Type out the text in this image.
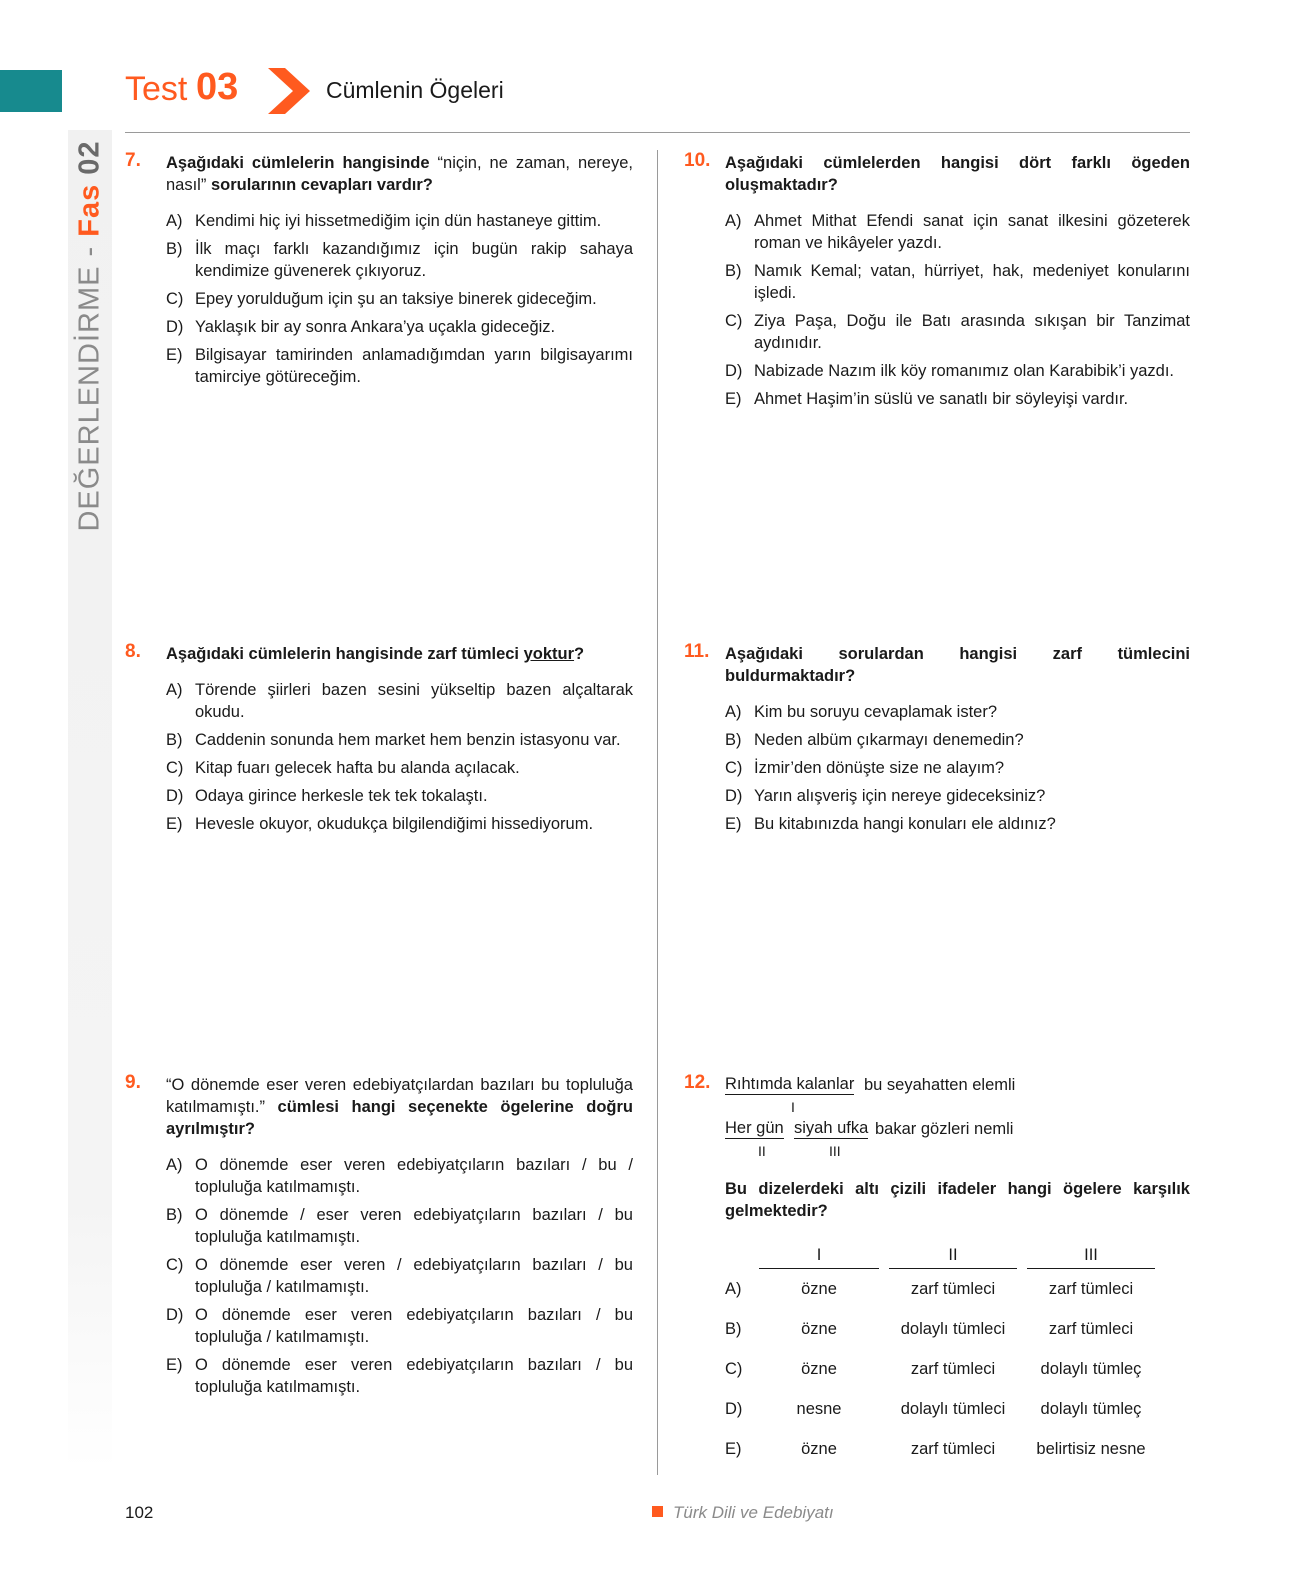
DEĞERLENDİRME - Fas 02
Test 03	Cümlenin Ögeleri
7. Aşağıdaki cümlelerin hangisinde “niçin, ne zaman, nereye, nasıl” sorularının cevapları vardır?
A) Kendimi hiç iyi hissetmediğim için dün hastaneye gittim.
B) İlk maçı farklı kazandığımız için bugün rakip sahaya kendimize güvenerek çıkıyoruz.
C) Epey yorulduğum için şu an taksiye binerek gideceğim.
D) Yaklaşık bir ay sonra Ankara’ya uçakla gideceğiz.
E) Bilgisayar tamirinden anlamadığımdan yarın bilgisayarımı tamirciye götüreceğim.
8. Aşağıdaki cümlelerin hangisinde zarf tümleci yoktur?
A) Törende şiirleri bazen sesini yükseltip bazen alçaltarak okudu.
B) Caddenin sonunda hem market hem benzin istasyonu var.
C) Kitap fuarı gelecek hafta bu alanda açılacak.
D) Odaya girince herkesle tek tek tokalaştı.
E) Hevesle okuyor, okudukça bilgilendiğimi hissediyorum.
9. “O dönemde eser veren edebiyatçılardan bazıları bu topluluğa katılmamıştı.” cümlesi hangi seçenekte ögelerine doğru ayrılmıştır?
A) O dönemde eser veren edebiyatçıların bazıları / bu / topluluğa katılmamıştı.
B) O dönemde / eser veren edebiyatçıların bazıları / bu topluluğa katılmamıştı.
C) O dönemde eser veren / edebiyatçıların bazıları / bu topluluğa / katılmamıştı.
D) O dönemde eser veren edebiyatçıların bazıları / bu topluluğa / katılmamıştı.
E) O dönemde eser veren edebiyatçıların bazıları / bu topluluğa katılmamıştı.
10. Aşağıdaki cümlelerden hangisi dört farklı ögeden oluşmaktadır?
A) Ahmet Mithat Efendi sanat için sanat ilkesini gözeterek roman ve hikâyeler yazdı.
B) Namık Kemal; vatan, hürriyet, hak, medeniyet konularını işledi.
C) Ziya Paşa, Doğu ile Batı arasında sıkışan bir Tanzimat aydınıdır.
D) Nabizade Nazım ilk köy romanımız olan Karabibik’i yazdı.
E) Ahmet Haşim’in süslü ve sanatlı bir söyleyişi vardır.
11. Aşağıdaki sorulardan hangisi zarf tümlecini buldurmaktadır?
A) Kim bu soruyu cevaplamak ister?
B) Neden albüm çıkarmayı denemedin?
C) İzmir’den dönüşte size ne alayım?
D) Yarın alışveriş için nereye gideceksiniz?
E) Bu kitabınızda hangi konuları ele aldınız?
12. Rıhtımda kalanlar bu seyahatten elemli
I
Her gün siyah ufka bakar gözleri nemli
II	III
Bu dizelerdeki altı çizili ifadeler hangi ögelere karşılık gelmektedir?
	I		II		III
A)	özne		zarf tümleci		zarf tümleci
B)	özne		dolaylı tümleci		zarf tümleci
C)	özne		zarf tümleci		dolaylı tümleç
D)	nesne		dolaylı tümleci		dolaylı tümleç
E)	özne		zarf tümleci		belirtisiz nesne
102	Türk Dili ve Edebiyatı
